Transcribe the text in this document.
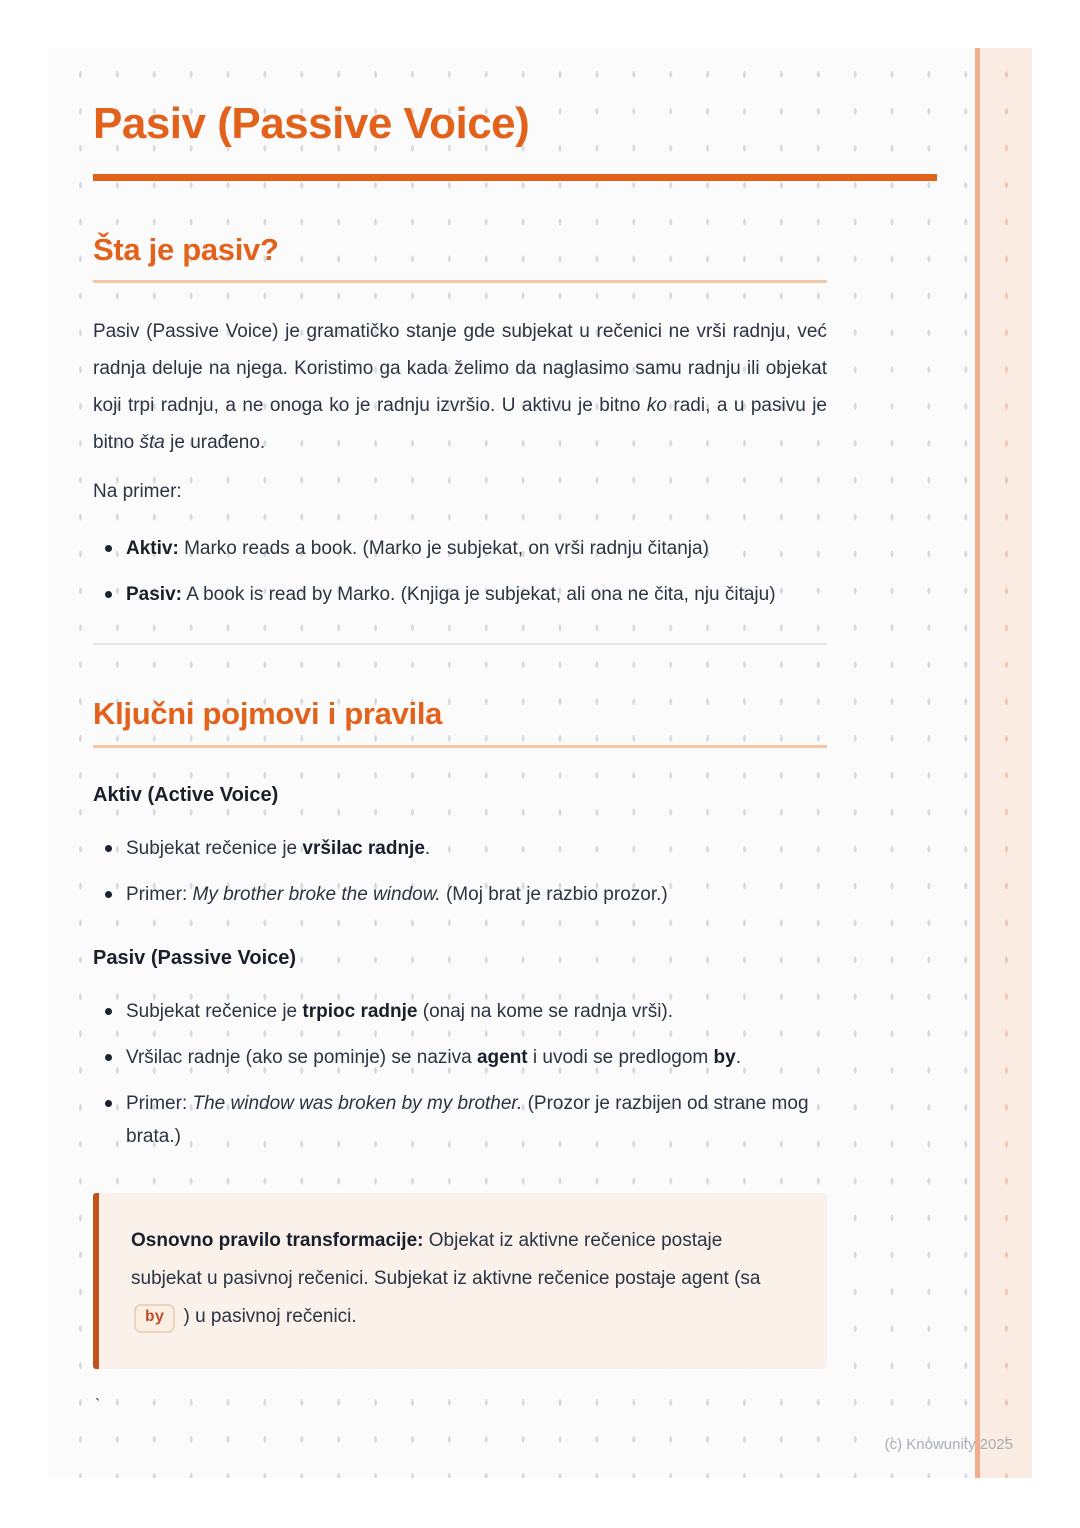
Pasiv (Passive Voice)
Šta je pasiv?

Pasiv (Passive Voice) je gramatičko stanje gde subjekat u rečenici ne vrši radnju, već radnja deluje na njega. Koristimo ga kada želimo da naglasimo samu radnju ili objekat koji trpi radnju, a ne onoga ko je radnju izvršio. U aktivu je bitno ko radi, a u pasivu je bitno šta je urađeno.

Na primer:

Aktiv: Marko reads a book. (Marko je subjekat, on vrši radnju čitanja)
Pasiv: A book is read by Marko. (Knjiga je subjekat, ali ona ne čita, nju čitaju)
Ključni pojmovi i pravila
Aktiv (Active Voice)
Subjekat rečenice je vršilac radnje.
Primer: My brother broke the window. (Moj brat je razbio prozor.)
Pasiv (Passive Voice)
Subjekat rečenice je trpioc radnje (onaj na kome se radnja vrši).
Vršilac radnje (ako se pominje) se naziva agent i uvodi se predlogom by.
Primer: The window was broken by my brother. (Prozor je razbijen od strane mog brata.)
Osnovno pravilo transformacije: Objekat iz aktivne rečenice postaje subjekat u pasivnoj rečenici. Subjekat iz aktivne rečenice postaje agent (sa by ) u pasivnoj rečenici.
`
(c) Knowunity 2025
